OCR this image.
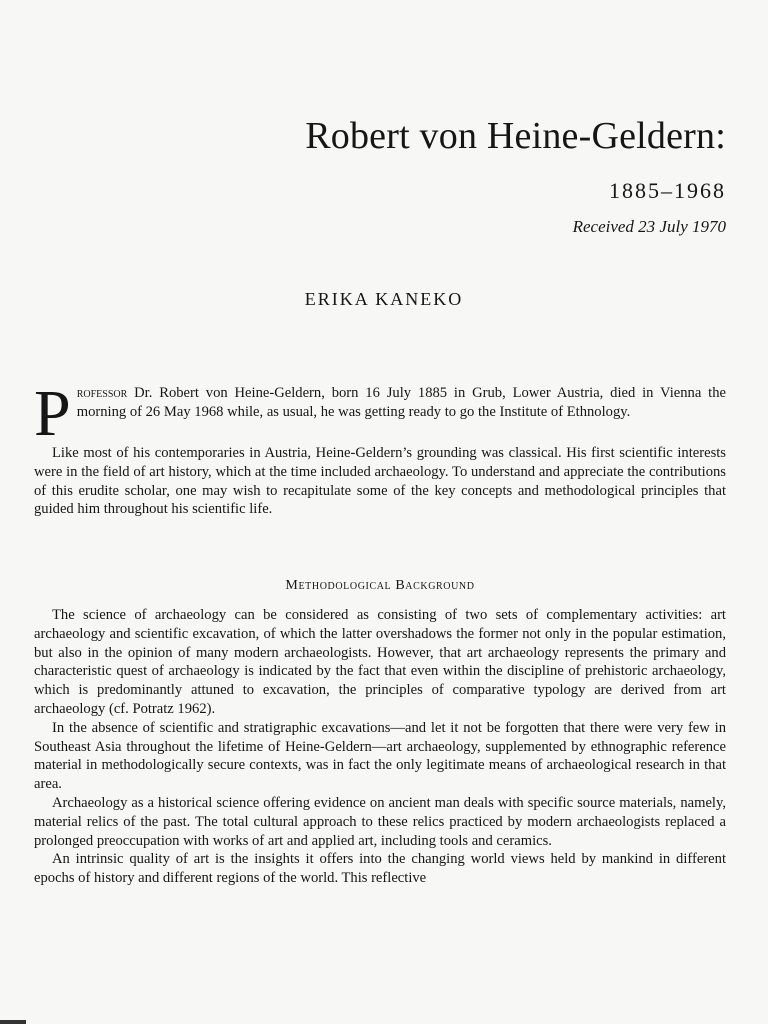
Robert von Heine-Geldern:
1885–1968
Received 23 July 1970
ERIKA KANEKO

Professor Dr. Robert von Heine-Geldern, born 16 July 1885 in Grub, Lower Austria, died in Vienna the morning of 26 May 1968 while, as usual, he was getting ready to go the Institute of Ethnology.

Like most of his contemporaries in Austria, Heine-Geldern’s grounding was classical. His first scientific interests were in the field of art history, which at the time included archaeology. To understand and appreciate the contributions of this erudite scholar, one may wish to recapitulate some of the key concepts and methodological principles that guided him throughout his scientific life.

Methodological Background

The science of archaeology can be considered as consisting of two sets of complementary activities: art archaeology and scientific excavation, of which the latter overshadows the former not only in the popular estimation, but also in the opinion of many modern archaeologists. However, that art archaeology represents the primary and characteristic quest of archaeology is indicated by the fact that even within the discipline of prehistoric archaeology, which is predominantly attuned to excavation, the principles of comparative typology are derived from art archaeology (cf. Potratz 1962).

In the absence of scientific and stratigraphic excavations—and let it not be forgotten that there were very few in Southeast Asia throughout the lifetime of Heine-Geldern—art archaeology, supplemented by ethnographic reference material in methodologically secure contexts, was in fact the only legitimate means of archaeological research in that area.

Archaeology as a historical science offering evidence on ancient man deals with specific source materials, namely, material relics of the past. The total cultural approach to these relics practiced by modern archaeologists replaced a prolonged preoccupation with works of art and applied art, including tools and ceramics.

An intrinsic quality of art is the insights it offers into the changing world views held by mankind in different epochs of history and different regions of the world. This reflective
